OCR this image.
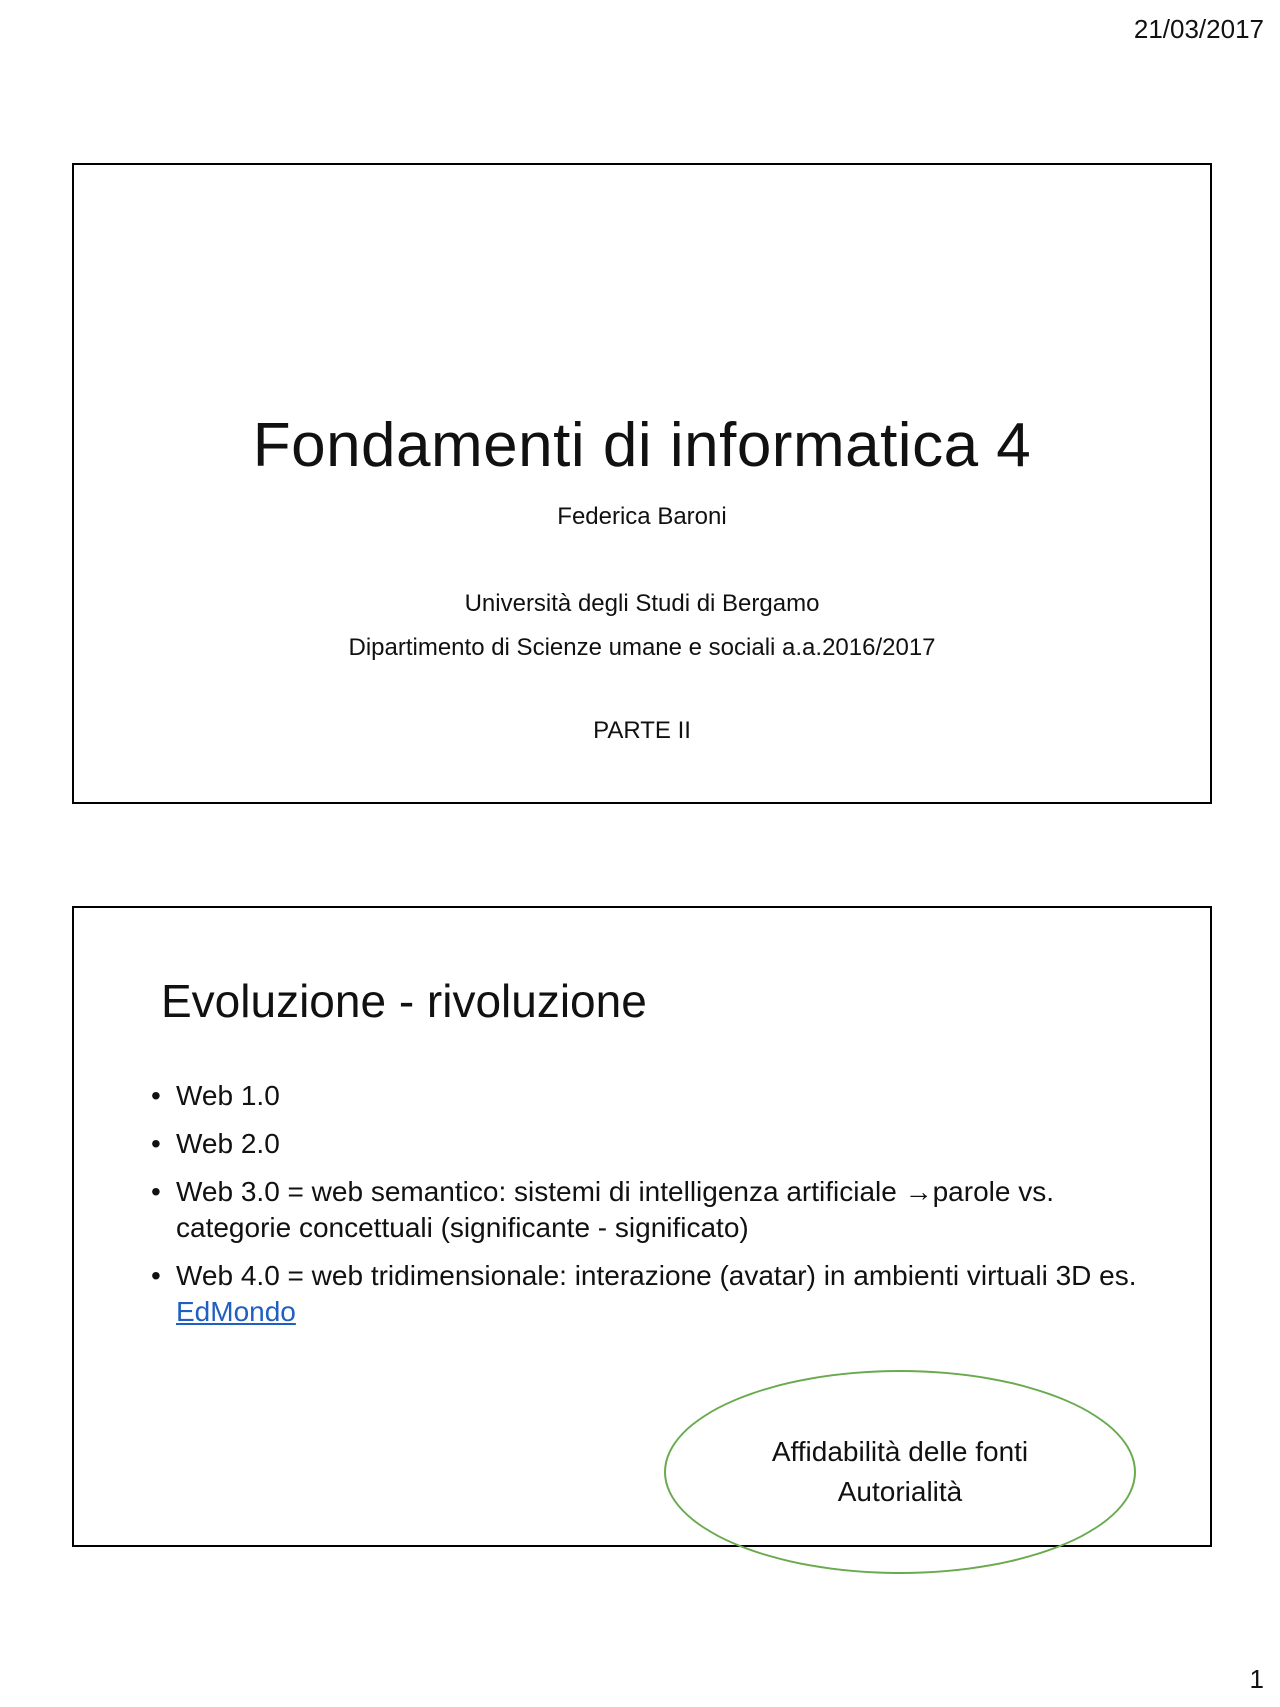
21/03/2017
Fondamenti di informatica 4
Federica Baroni
Università degli Studi di Bergamo
Dipartimento di Scienze umane e sociali a.a.2016/2017
PARTE II
Evoluzione - rivoluzione
• Web 1.0
• Web 2.0
• Web 3.0 = web semantico: sistemi di intelligenza artificiale →parole vs. categorie concettuali (significante - significato)
• Web 4.0 = web tridimensionale: interazione (avatar) in ambienti virtuali 3D es. EdMondo
Affidabilità delle fonti
Autorialità
1
